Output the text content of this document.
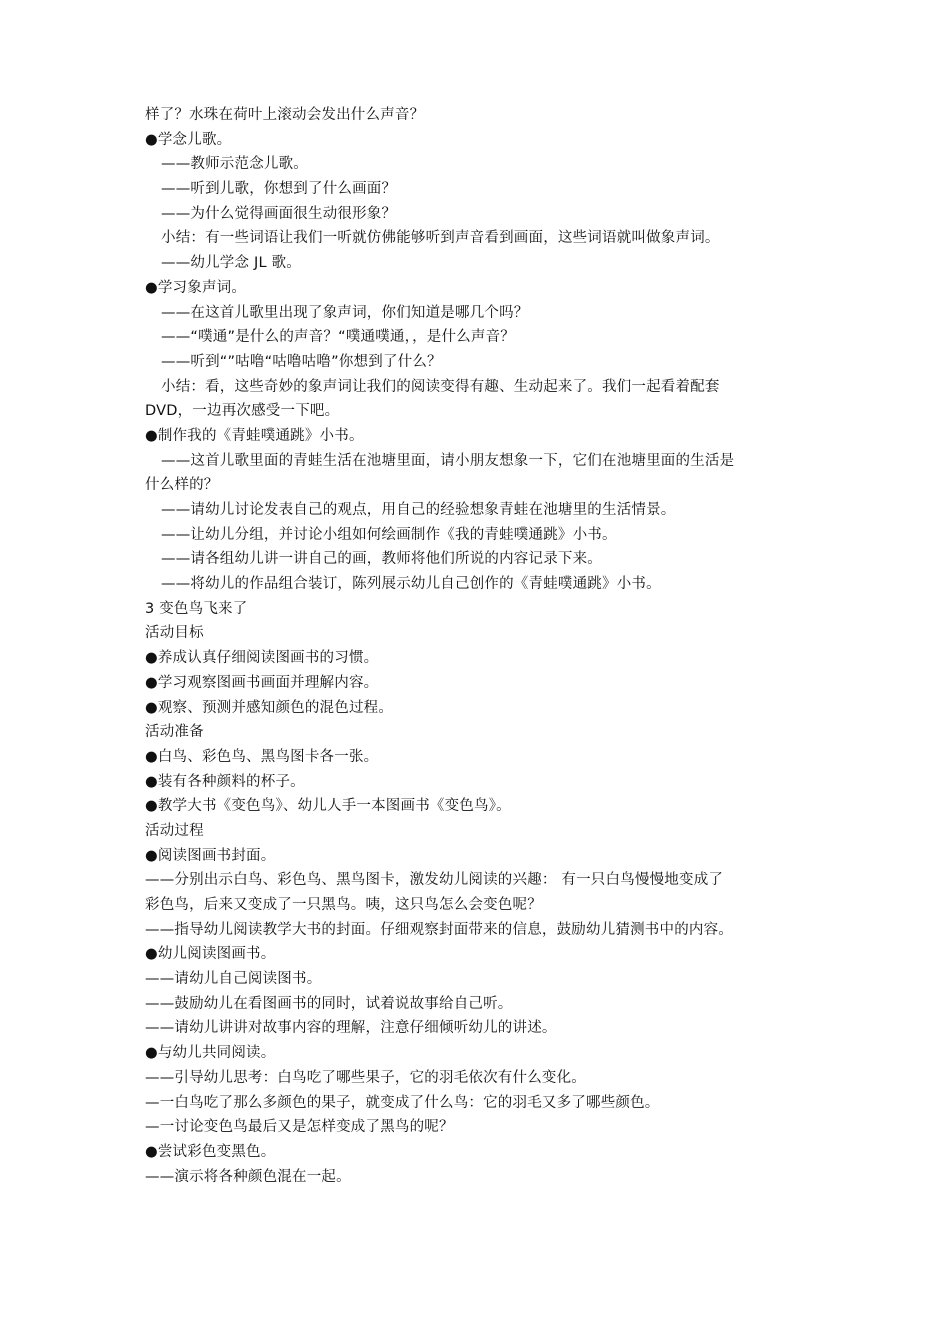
样了？水珠在荷叶上滚动会发出什么声音？
●学念儿歌。
——教师示范念儿歌。
——听到儿歌，你想到了什么画面？
——为什么觉得画面很生动很形象？
小结：有一些词语让我们一听就仿佛能够听到声音看到画面，这些词语就叫做象声词。
——幼儿学念 JL 歌。
●学习象声词。
——在这首儿歌里出现了象声词，你们知道是哪几个吗？
——“噗通”是什么的声音？“噗通噗通，，是什么声音？
——听到“”咕噜“咕噜咕噜”你想到了什么？
小结：看，这些奇妙的象声词让我们的阅读变得有趣、生动起来了。我们一起看着配套
DVD，一边再次感受一下吧。
●制作我的《青蛙噗通跳》小书。
——这首儿歌里面的青蛙生活在池塘里面，请小朋友想象一下，它们在池塘里面的生活是
什么样的？
——请幼儿讨论发表自己的观点，用自己的经验想象青蛙在池塘里的生活情景。
——让幼儿分组，并讨论小组如何绘画制作《我的青蛙噗通跳》小书。
——请各组幼儿讲一讲自己的画，教师将他们所说的内容记录下来。
——将幼儿的作品组合装订，陈列展示幼儿自己创作的《青蛙噗通跳》小书。
3 变色鸟飞来了
活动目标
●养成认真仔细阅读图画书的习惯。
●学习观察图画书画面并理解内容。
●观察、预测并感知颜色的混色过程。
活动准备
●白鸟、彩色鸟、黑鸟图卡各一张。
●装有各种颜料的杯子。
●教学大书《变色鸟》、幼儿人手一本图画书《变色鸟》。
活动过程
●阅读图画书封面。
——分别出示白鸟、彩色鸟、黑鸟图卡，激发幼儿阅读的兴趣： 有一只白鸟慢慢地变成了
彩色鸟，后来又变成了一只黑鸟。咦，这只鸟怎么会变色呢？
——指导幼儿阅读教学大书的封面。仔细观察封面带来的信息，鼓励幼儿猜测书中的内容。
●幼儿阅读图画书。
——请幼儿自己阅读图书。
——鼓励幼儿在看图画书的同时，试着说故事给自己听。
——请幼儿讲讲对故事内容的理解，注意仔细倾听幼儿的讲述。
●与幼儿共同阅读。
——引导幼儿思考：白鸟吃了哪些果子，它的羽毛依次有什么变化。
—一白鸟吃了那么多颜色的果子，就变成了什么鸟：它的羽毛又多了哪些颜色。
—一讨论变色鸟最后又是怎样变成了黑鸟的呢？
●尝试彩色变黑色。
——演示将各种颜色混在一起。
